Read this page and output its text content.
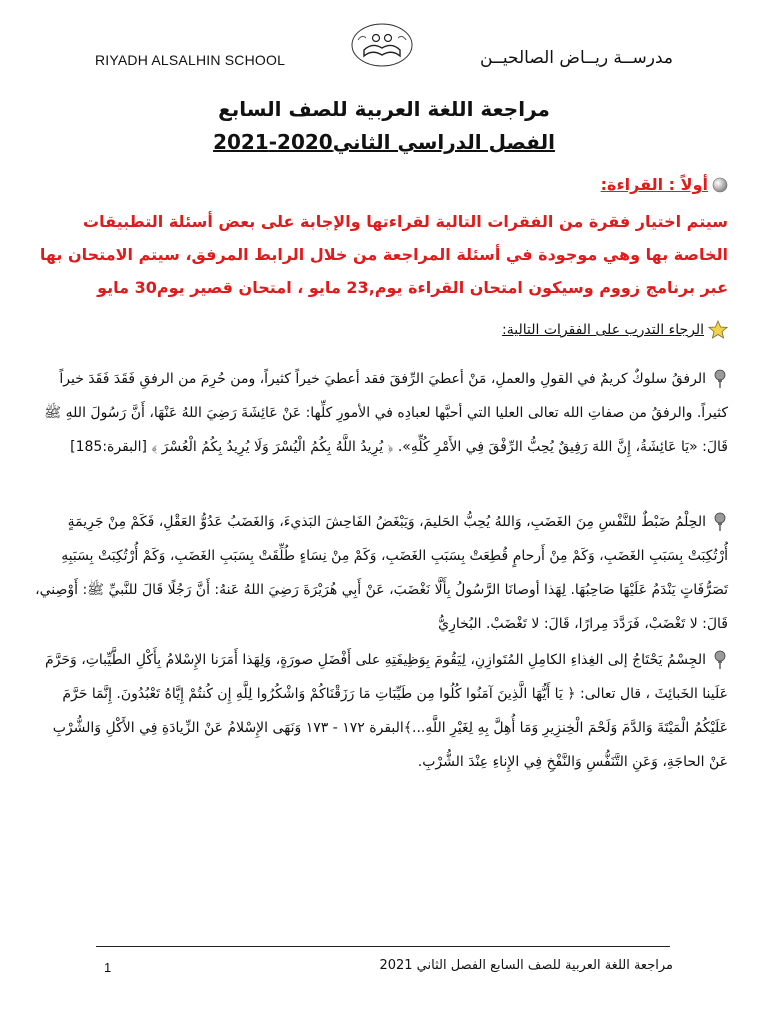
RIYADH ALSALHIN SCHOOL	مدرســة ريــاض الصالحيــن
مراجعة اللغة العربية للصف السابع
الفصل الدراسي الثاني2020-2021
أولاً : القراءة:
سيتم اختيار فقرة من الفقرات التالية لقراءتها والإجابة على بعض أسئلة التطبيقات الخاصة بها وهي موجودة في أسئلة المراجعة من خلال الرابط المرفق، سيتم الامتحان بها عبر برنامج زووم وسيكون امتحان القراءة يوم,23 مايو ، امتحان قصير يوم30 مايو
الرجاء التدرب على الفقرات التالية:
الرفقُ سلوكٌ كريمٌ في القولِ والعملِ، مَنْ أعطيَ الرِّفقَ فقد أعطيَ خيراً كثيراً، ومن حُرِمَ من الرفقِ فَقَدَ فَقَدَ خيراً كثيراً. والرفقُ من صفاتِ الله تعالى العليا التي أحبَّها لعبادِه في الأمورِ كلِّها: عَنْ عَائِشَةَ رَضِيَ اللهُ عَنْهَا، أَنَّ رَسُولَ اللهِ ﷺ قَالَ: «يَا عَائِشَةُ، إِنَّ اللهَ رَفِيقٌ يُحِبُّ الرِّفْقَ فِي الأَمْرِ كُلِّهِ». ﴿ يُرِيدُ اللَّهُ بِكُمُ الْيُسْرَ وَلَا يُرِيدُ بِكُمُ الْعُسْرَ ﴾ [البقرة:185]
الحِلْمُ ضَبْطٌ للنَّفْسِ مِنَ الغَضَبِ، وَاللهُ يُحِبُّ الحَليمَ، وَيَبْغَضُ الفَاحِشَ البَذيءَ، وَالغَضَبُ عَدُوُّ العَقْلِ، فَكَمْ مِنْ جَرِيمَةٍ أُرْتُكِبَتْ بِسَبَبِ الغَضَبِ، وَكَمْ مِنْ أَرحامٍ قُطِعَتْ بِسَبَبِ الغَضَبِ، وَكَمْ مِنْ نِسَاءٍ طُلِّقَتْ بِسَبَبِ الغَضَبِ، وَكَمْ أُرْتُكِبَتْ بِسَبَبِهِ تَصَرُّفَاتٍ يَنْدَمُ عَلَيْهَا صَاحِبُهَا. لِهَذا أوصانَا الرَّسُولُ بِأَلَّا نَغْضَبَ، عَنْ أَبِي هُرَيْرَةَ رَضِيَ اللهُ عَنهُ: أَنَّ رَجُلًا قَالَ للنَّبيِّ ﷺ: أَوْصِني، قَالَ: لا تَغْضَبْ، فَرَدَّدَ مِرارًا، قَالَ: لا تَغْضَبْ. البُخارِيُّ
الجِسْمُ يَحْتَاجُ إلى الغِذاءِ الكامِلِ المُتَوازِنِ، لِيَقُومَ بِوَظِيفَتِهِ على أَفْضَلِ صورَةٍ، وَلِهَذا أَمَرَنا الإِسْلامُ بِأَكْلِ الطَّيِّباتِ، وَحَرَّمَ عَلَينا الخَبائِثَ ، قال تعالى: ﴿ يَا أَيُّهَا الَّذِينَ آمَنُوا كُلُوا مِن طَيِّبَاتِ مَا رَزَقْنَاكُمْ وَاشْكُرُوا لِلَّهِ إِن كُنتُمْ إِيَّاهُ تَعْبُدُونَ. إِنَّمَا حَرَّمَ عَلَيْكُمُ الْمَيْتَةَ وَالدَّمَ وَلَحْمَ الْخِنزِيرِ وَمَا أُهِلَّ بِهِ لِغَيْرِ اللَّهِ...﴾البقرة ١٧٢ - ١٧٣ وَنَهَى الإِسْلامُ عَنْ الزِّيادَةِ فِي الأَكْلِ وَالشُّرْبِ عَنْ الحاجَةِ، وَعَنِ التَّنَفُّسِ وَالنَّفْخِ فِي الإِناءِ عِنْدَ الشُّرْبِ.
1	مراجعة اللغة العربية للصف السابع الفصل الثاني 2021
